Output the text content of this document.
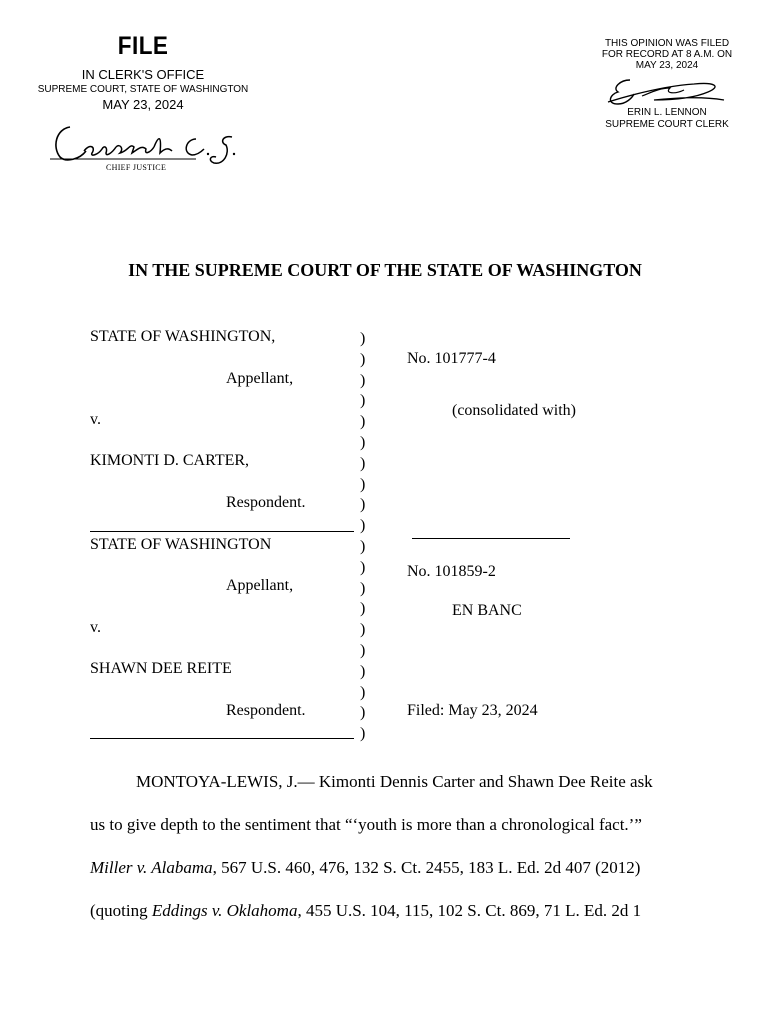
FILE
IN CLERK'S OFFICE
SUPREME COURT, STATE OF WASHINGTON
MAY 23, 2024
CHIEF JUSTICE
THIS OPINION WAS FILED
FOR RECORD AT 8 A.M. ON
MAY 23, 2024
ERIN L. LENNON
SUPREME COURT CLERK
IN THE SUPREME COURT OF THE STATE OF WASHINGTON
STATE OF WASHINGTON,
Appellant,
v.
KIMONTI D. CARTER,
Respondent.
No. 101777-4
(consolidated with)
STATE OF WASHINGTON
Appellant,
v.
SHAWN DEE REITE
Respondent.
No. 101859-2
EN BANC
Filed: May 23, 2024
)
)
)
)
)
)
)
)
)
)
)
)
)
)
)
)
)
)
)
)

MONTOYA-LEWIS, J.— Kimonti Dennis Carter and Shawn Dee Reite ask

us to give depth to the sentiment that “‘youth is more than a chronological fact.’”

Miller v. Alabama, 567 U.S. 460, 476, 132 S. Ct. 2455, 183 L. Ed. 2d 407 (2012)

(quoting Eddings v. Oklahoma, 455 U.S. 104, 115, 102 S. Ct. 869, 71 L. Ed. 2d 1
